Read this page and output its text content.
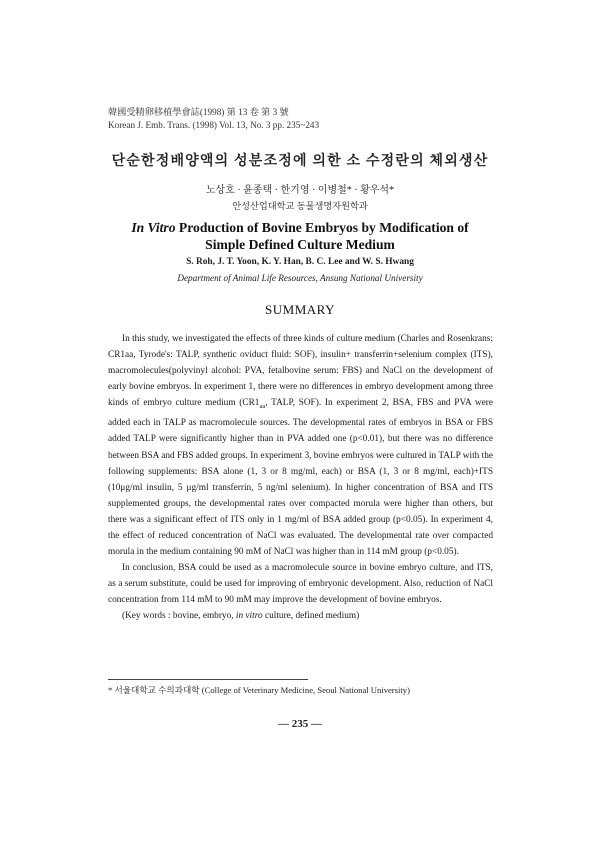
韓國受精卵移植學會誌(1998) 第 13 卷 第 3 號
Korean J. Emb. Trans. (1998) Vol. 13, No. 3 pp. 235~243
단순한정배양액의 성분조정에 의한 소 수정란의 체외생산
노상호 · 윤종택 · 한기영 · 이병철* · 황우석*
안성산업대학교 동물생명자원학과
In Vitro Production of Bovine Embryos by Modification of
Simple Defined Culture Medium
S. Roh, J. T. Yoon, K. Y. Han, B. C. Lee and W. S. Hwang
Department of Animal Life Resources, Ansung National University
SUMMARY

In this study, we investigated the effects of three kinds of culture medium (Charles and Rosenkrans: CR1aa, Tyrode's: TALP, synthetic oviduct fluid: SOF), insulin+ transferrin+selenium complex (ITS), macromolecules(polyvinyl alcohol: PVA, fetalbovine serum: FBS) and NaCl on the development of early bovine embryos. In experiment 1, there were no differences in embryo development among three kinds of embryo culture medium ($CR1_{aa}$, TALP, SOF). In experiment 2, BSA, FBS and PVA were added each in TALP as macromolecule sources. The developmental rates of embryos in BSA or FBS added TALP were significantly higher than in PVA added one (p<0.01), but there was no difference between BSA and FBS added groups. In experiment 3, bovine embryos were cultured in TALP with the following supplements: BSA alone (1, 3 or 8 mg/ml, each) or BSA (1, 3 or 8 mg/ml, each)+ITS (10μg/ml insulin, 5 μg/ml transferrin, 5 ng/ml selenium). In higher concentration of BSA and ITS supplemented groups, the developmental rates over compacted morula were higher than others, but there was a significant effect of ITS only in 1 mg/ml of BSA added group (p<0.05). In experiment 4, the effect of reduced concentration of NaCl was evaluated. The developmental rate over compacted morula in the medium containing 90 mM of NaCl was higher than in 114 mM group (p<0.05).

In conclusion, BSA could be used as a macromolecule source in bovine embryo culture, and ITS, as a serum substitute, could be used for improving of embryonic development. Also, reduction of NaCl concentration from 114 mM to 90 mM may improve the development of bovine embryos.

(Key words : bovine, embryo, in vitro culture, defined medium)

* 서울대학교 수의과대학 (College of Veterinary Medicine, Seoul National University)
— 235 —
